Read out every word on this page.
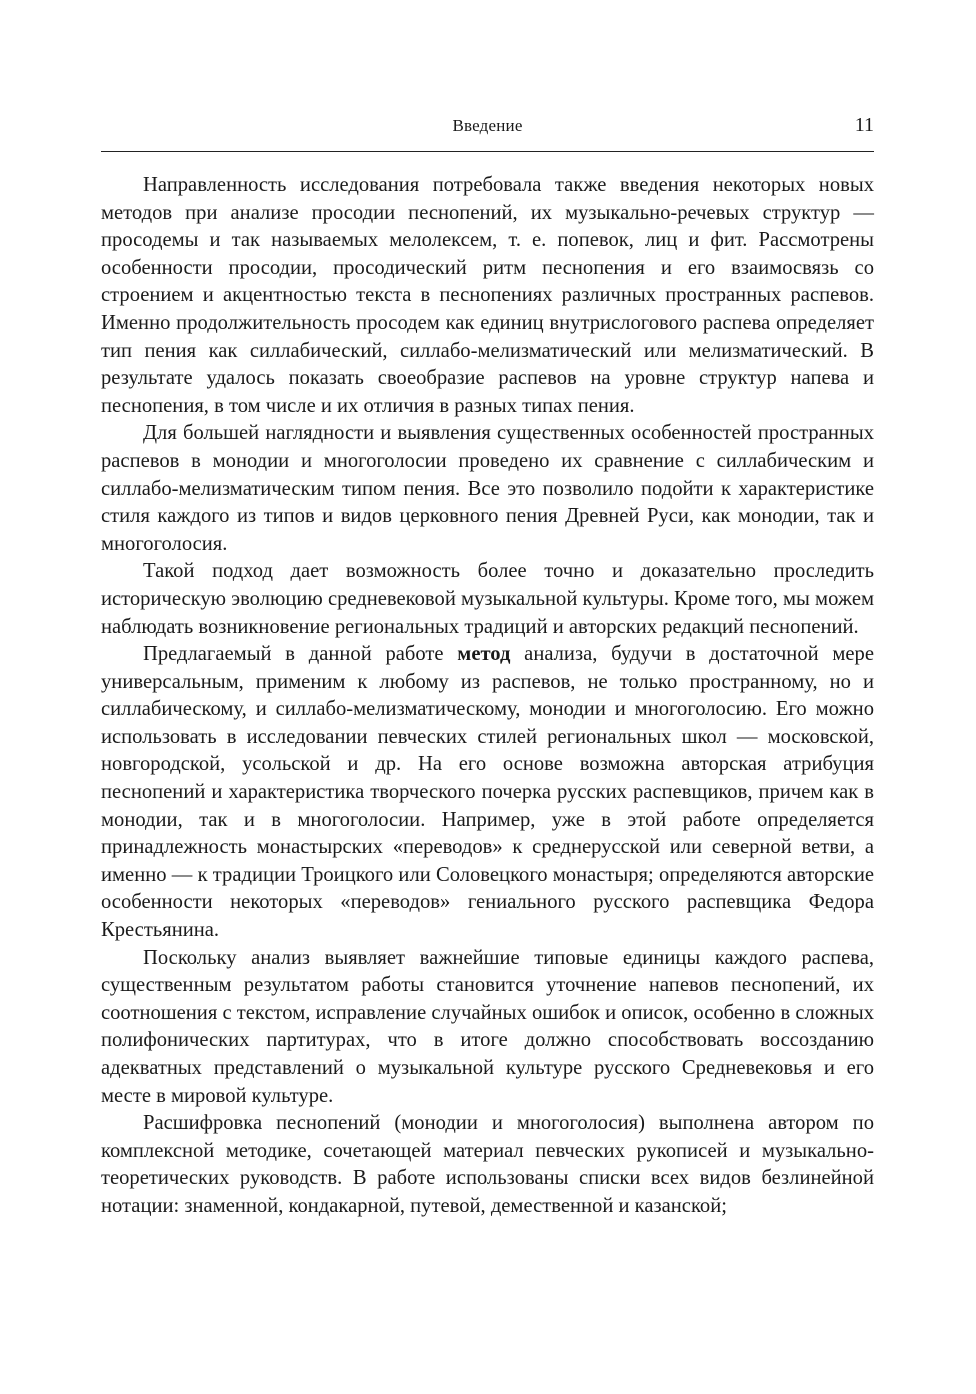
Введение	11

Направленность исследования потребовала также введения некоторых новых методов при анализе просодии песнопений, их музыкально-речевых структур — просодемы и так называемых мелолексем, т. е. попевок, лиц и фит. Рассмотрены особенности просодии, просодический ритм песнопения и его взаимосвязь со строением и акцентностью текста в песнопениях различных пространных распевов. Именно продолжительность просодем как единиц внутрислогового распева определяет тип пения как силлабический, силлабо-мелизматический или мелизматический. В результате удалось показать своеобразие распевов на уровне структур напева и песнопения, в том числе и их отличия в разных типах пения.

Для большей наглядности и выявления существенных особенностей пространных распевов в монодии и многоголосии проведено их сравнение с силлабическим и силлабо-мелизматическим типом пения. Все это позволило подойти к характеристике стиля каждого из типов и видов церковного пения Древней Руси, как монодии, так и многоголосия.

Такой подход дает возможность более точно и доказательно проследить историческую эволюцию средневековой музыкальной культуры. Кроме того, мы можем наблюдать возникновение региональных традиций и авторских редакций песнопений.

Предлагаемый в данной работе метод анализа, будучи в достаточной мере универсальным, применим к любому из распевов, не только пространному, но и силлабическому, и силлабо-мелизматическому, монодии и многоголосию. Его можно использовать в исследовании певческих стилей региональных школ — московской, новгородской, усольской и др. На его основе возможна авторская атрибуция песнопений и характеристика творческого почерка русских распевщиков, причем как в монодии, так и в многоголосии. Например, уже в этой работе определяется принадлежность монастырских «переводов» к среднерусской или северной ветви, а именно — к традиции Троицкого или Соловецкого монастыря; определяются авторские особенности некоторых «переводов» гениального русского распевщика Федора Крестьянина.

Поскольку анализ выявляет важнейшие типовые единицы каждого распева, существенным результатом работы становится уточнение напевов песнопений, их соотношения с текстом, исправление случайных ошибок и описок, особенно в сложных полифонических партитурах, что в итоге должно способствовать воссозданию адекватных представлений о музыкальной культуре русского Средневековья и его месте в мировой культуре.

Расшифровка песнопений (монодии и многоголосия) выполнена автором по комплексной методике, сочетающей материал певческих рукописей и музыкально-теоретических руководств. В работе использованы списки всех видов безлинейной нотации: знаменной, кондакарной, путевой, демественной и казанской;
